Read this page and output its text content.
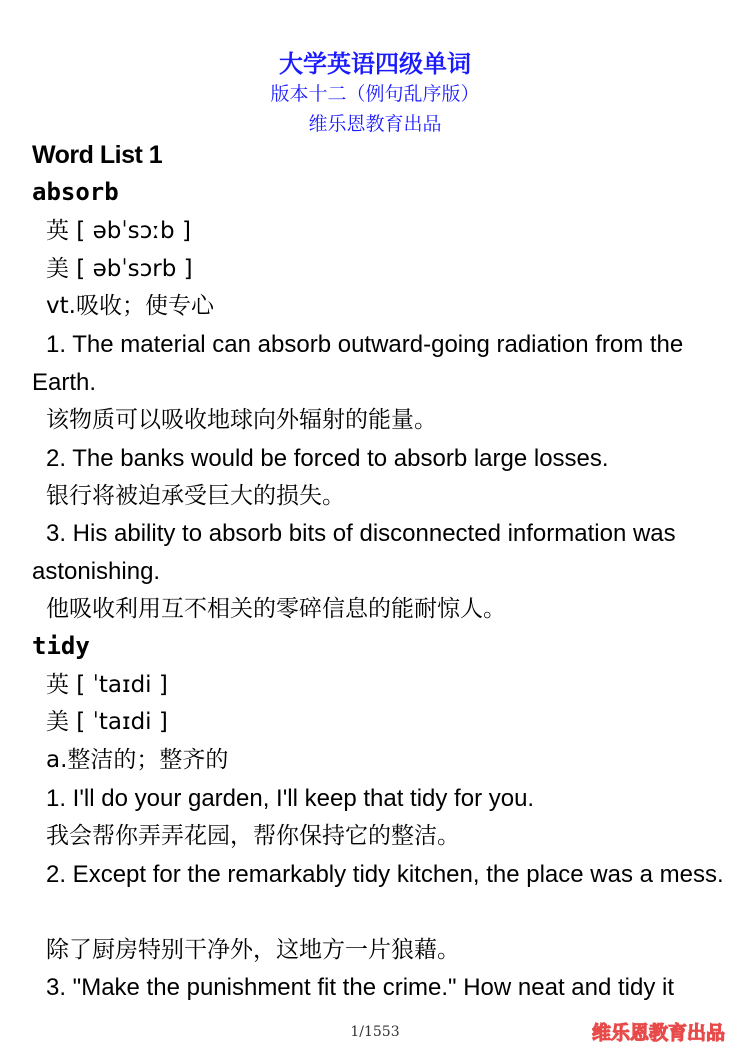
大学英语四级单词
版本十二（例句乱序版）
维乐恩教育出品
Word List 1
absorb
英 [ əbˈsɔːb ]
美 [ əbˈsɔrb ]
vt.吸收；使专心
1. The material can absorb outward-going radiation from the Earth.
该物质可以吸收地球向外辐射的能量。
2. The banks would be forced to absorb large losses.
银行将被迫承受巨大的损失。
3. His ability to absorb bits of disconnected information was astonishing.
他吸收利用互不相关的零碎信息的能耐惊人。
tidy
英 [ ˈtaɪdi ]
美 [ ˈtaɪdi ]
a.整洁的；整齐的
1. I'll do your garden, I'll keep that tidy for you.
我会帮你弄弄花园，帮你保持它的整洁。
2. Except for the remarkably tidy kitchen, the place was a mess.
除了厨房特别干净外，这地方一片狼藉。
3. "Make the punishment fit the crime." How neat and tidy it
1/1553	维乐恩教育出品
